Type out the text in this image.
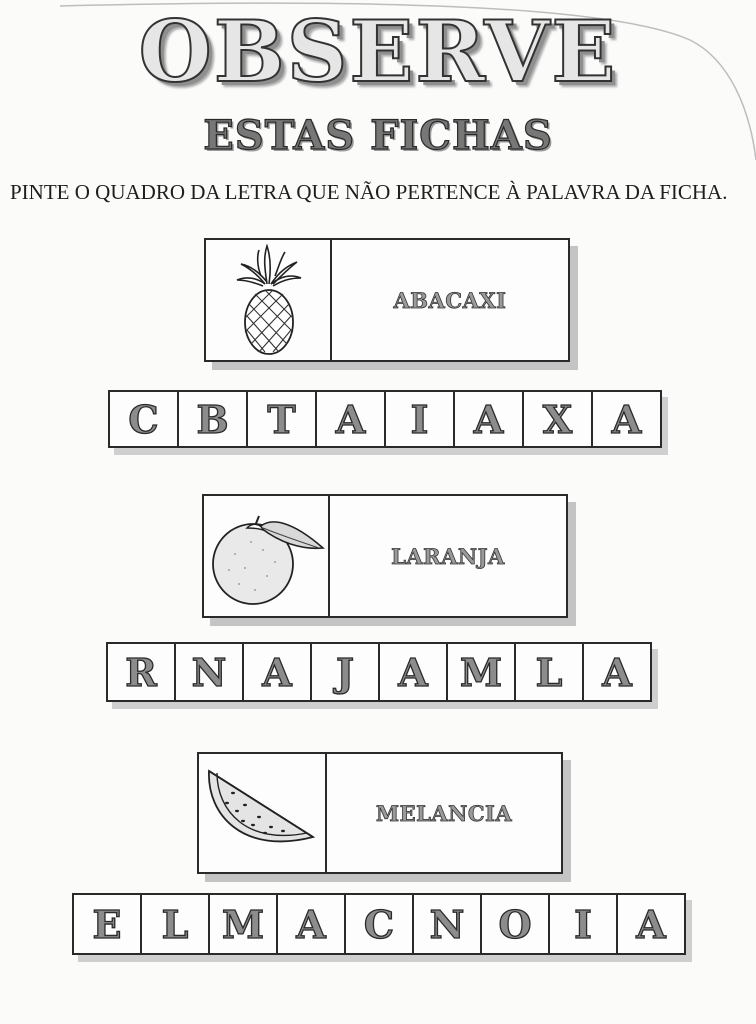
OBSERVE
ESTAS FICHAS
PINTE O QUADRO DA LETRA QUE NÃO PERTENCE À PALAVRA DA FICHA.
ABACAXI
C B	T	A	I	A	X	A
LARANJA
R N A	J	A M L	A
MELANCIA
E	L M A	C N O	I	A
